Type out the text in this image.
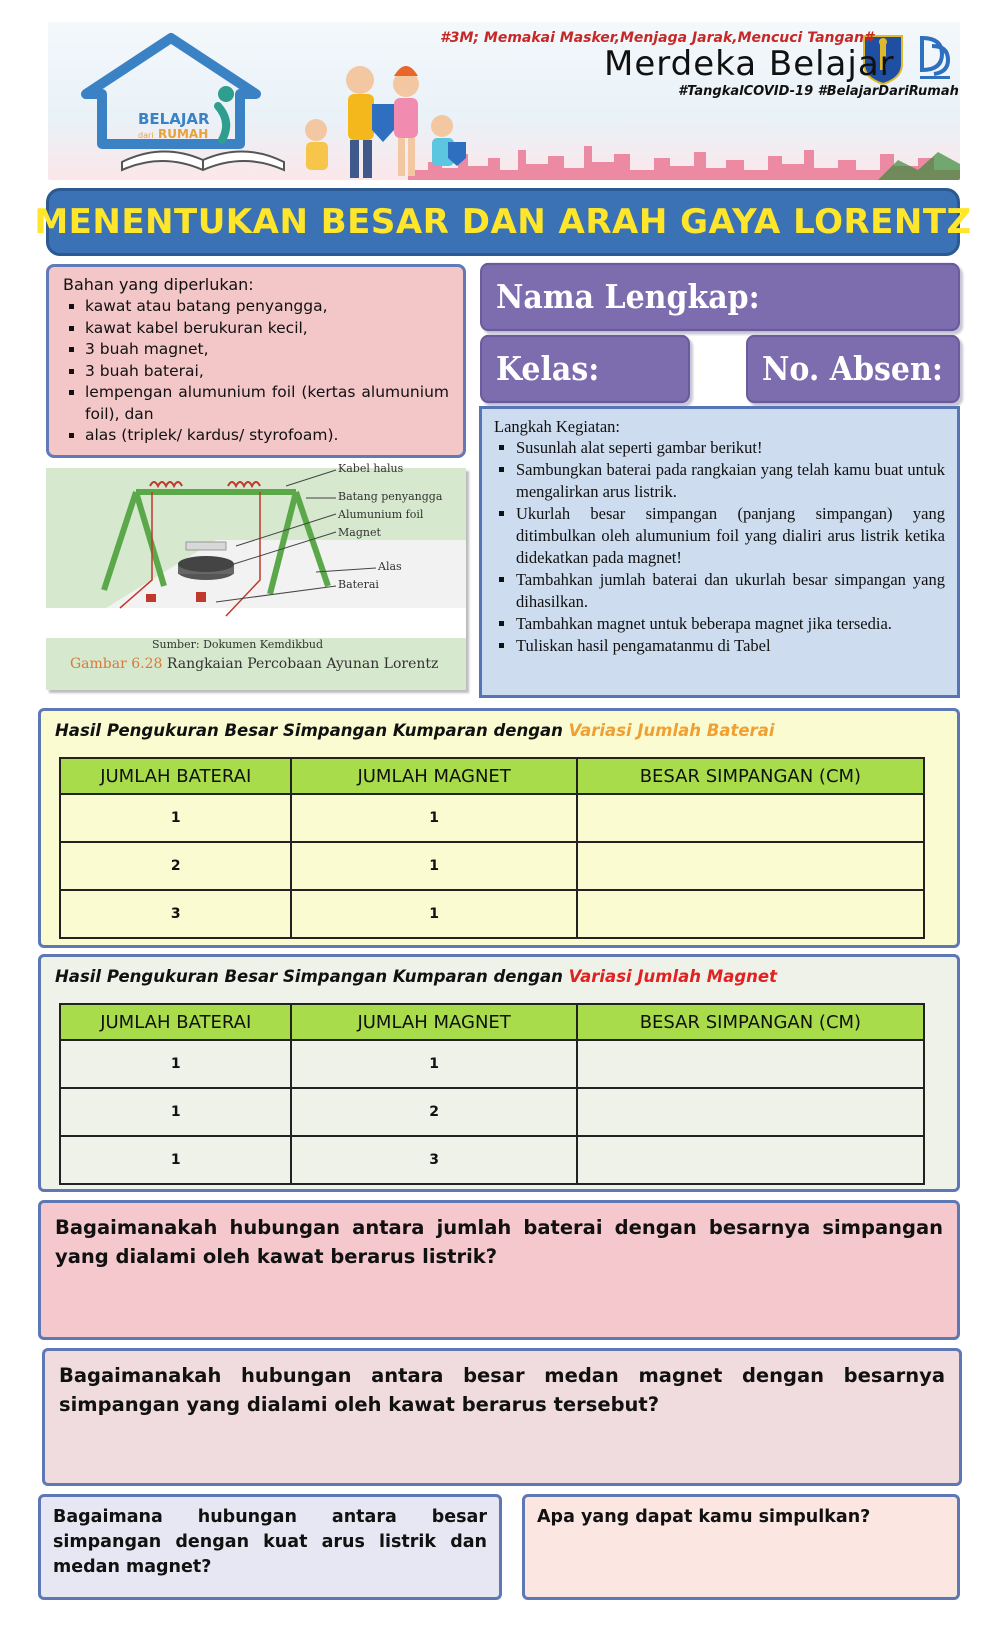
BELAJAR
dari RUMAH
#3M; Memakai Masker,Menjaga Jarak,Mencuci Tangan#
Merdeka Belajar
#TangkalCOVID-19 #BelajarDariRumah
MENENTUKAN BESAR DAN ARAH GAYA LORENTZ
Bahan yang diperlukan:
▪ kawat atau batang penyangga,
▪ kawat kabel berukuran kecil,
▪ 3 buah magnet,
▪ 3 buah baterai,
▪ lempengan alumunium foil (kertas alumunium foil), dan
▪ alas (triplek/ kardus/ styrofoam).
Nama Lengkap:
Kelas:	No. Absen:
Kabel halus
Batang penyangga
Alumunium foil
Magnet
Alas
Baterai
Sumber: Dokumen Kemdikbud
Gambar 6.28 Rangkaian Percobaan Ayunan Lorentz
Langkah Kegiatan:
▪ Susunlah alat seperti gambar berikut!
▪ Sambungkan baterai pada rangkaian yang telah kamu buat untuk mengalirkan arus listrik.
▪ Ukurlah besar simpangan (panjang simpangan) yang ditimbulkan oleh alumunium foil yang dialiri arus listrik ketika didekatkan pada magnet!
▪ Tambahkan jumlah baterai dan ukurlah besar simpangan yang dihasilkan.
▪ Tambahkan magnet untuk beberapa magnet jika tersedia.
▪ Tuliskan hasil pengamatanmu di Tabel
Hasil Pengukuran Besar Simpangan Kumparan dengan Variasi Jumlah Baterai
JUMLAH BATERAI	JUMLAH MAGNET	BESAR SIMPANGAN (CM)
1	1	
2	1	
3	1	
Hasil Pengukuran Besar Simpangan Kumparan dengan Variasi Jumlah Magnet
JUMLAH BATERAI	JUMLAH MAGNET	BESAR SIMPANGAN (CM)
1	1	
1	2	
1	3	
Bagaimanakah hubungan antara jumlah baterai dengan besarnya simpangan yang dialami oleh kawat berarus listrik?
Bagaimanakah hubungan antara besar medan magnet dengan besarnya simpangan yang dialami oleh kawat berarus tersebut?
Bagaimana hubungan antara besar simpangan dengan kuat arus listrik dan medan magnet?
Apa yang dapat kamu simpulkan?
